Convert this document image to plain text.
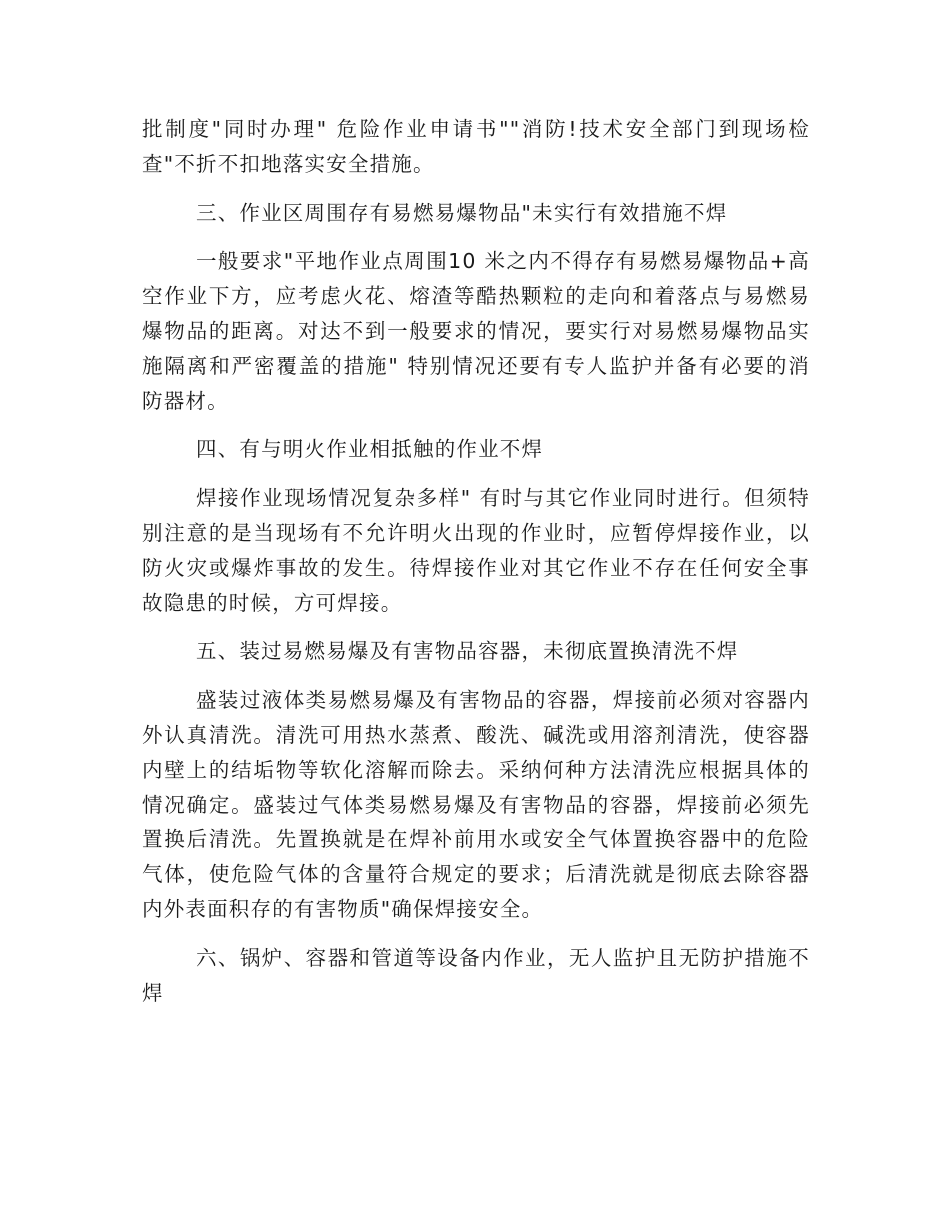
批制度"同时办理" 危险作业申请书""消防!技术安全部门到现场检查"不折不扣地落实安全措施。

三、作业区周围存有易燃易爆物品"未实行有效措施不焊

一般要求"平地作业点周围10 米之内不得存有易燃易爆物品+高空作业下方，应考虑火花、熔渣等酷热颗粒的走向和着落点与易燃易爆物品的距离。对达不到一般要求的情况，要实行对易燃易爆物品实施隔离和严密覆盖的措施" 特别情况还要有专人监护并备有必要的消防器材。

四、有与明火作业相抵触的作业不焊

焊接作业现场情况复杂多样" 有时与其它作业同时进行。但须特别注意的是当现场有不允许明火出现的作业时，应暂停焊接作业，以防火灾或爆炸事故的发生。待焊接作业对其它作业不存在任何安全事故隐患的时候，方可焊接。

五、装过易燃易爆及有害物品容器，未彻底置换清洗不焊

盛装过液体类易燃易爆及有害物品的容器，焊接前必须对容器内外认真清洗。清洗可用热水蒸煮、酸洗、碱洗或用溶剂清洗，使容器内壁上的结垢物等软化溶解而除去。采纳何种方法清洗应根据具体的情况确定。盛装过气体类易燃易爆及有害物品的容器，焊接前必须先置换后清洗。先置换就是在焊补前用水或安全气体置换容器中的危险气体，使危险气体的含量符合规定的要求；后清洗就是彻底去除容器内外表面积存的有害物质"确保焊接安全。

六、锅炉、容器和管道等设备内作业，无人监护且无防护措施不焊
